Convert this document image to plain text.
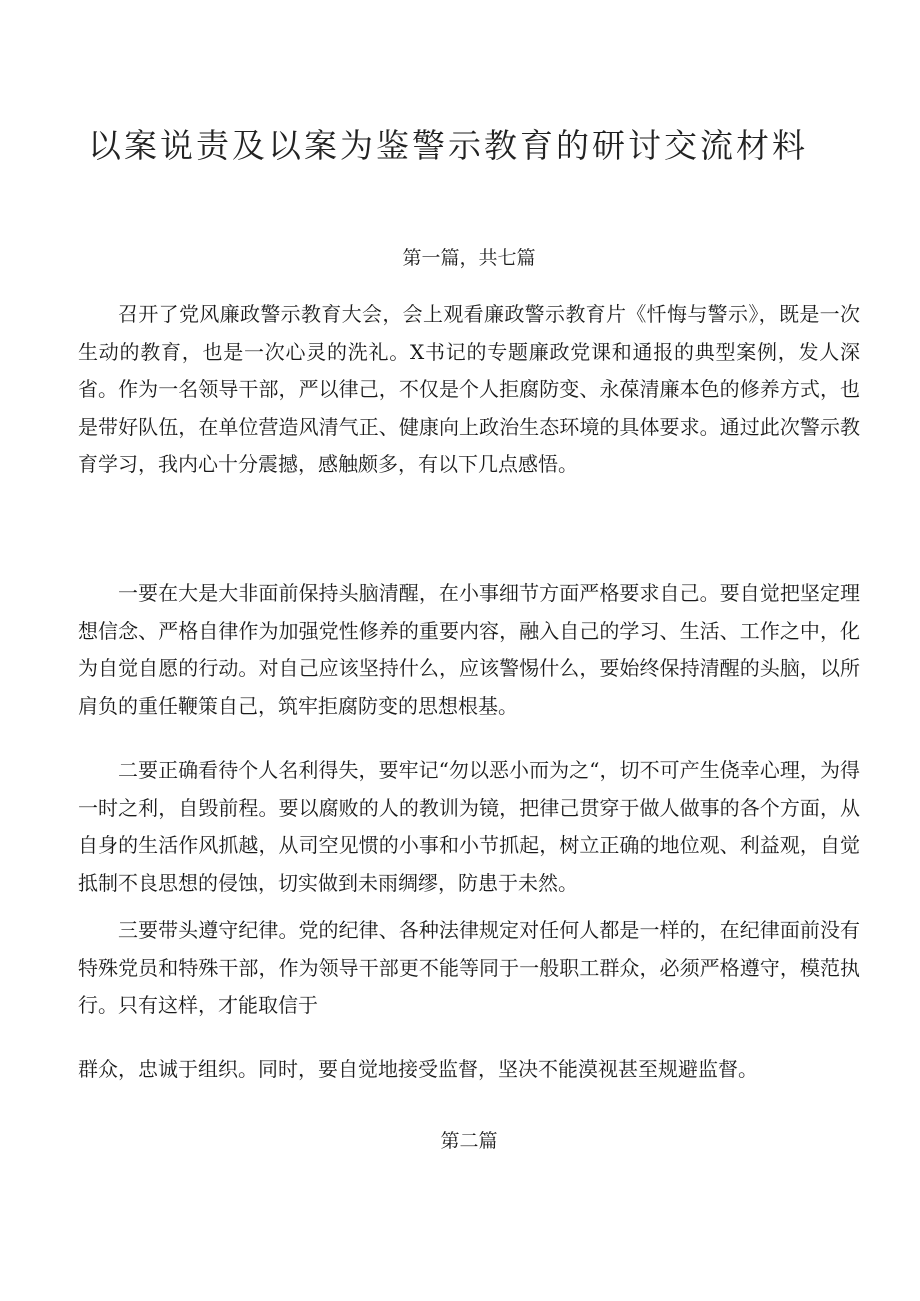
以案说责及以案为鉴警示教育的研讨交流材料
第一篇，共七篇

召开了党风廉政警示教育大会，会上观看廉政警示教育片《忏悔与警示》，既是一次生动的教育，也是一次心灵的洗礼。X书记的专题廉政党课和通报的典型案例，发人深省。作为一名领导干部，严以律己，不仅是个人拒腐防变、永葆清廉本色的修养方式，也是带好队伍，在单位营造风清气正、健康向上政治生态环境的具体要求。通过此次警示教育学习，我内心十分震撼，感触颇多，有以下几点感悟。

一要在大是大非面前保持头脑清醒，在小事细节方面严格要求自己。要自觉把坚定理想信念、严格自律作为加强党性修养的重要内容，融入自己的学习、生活、工作之中，化为自觉自愿的行动。对自己应该坚持什么，应该警惕什么，要始终保持清醒的头脑，以所肩负的重任鞭策自己，筑牢拒腐防变的思想根基。

二要正确看待个人名利得失，要牢记“勿以恶小而为之“，切不可产生侥幸心理，为得一时之利，自毁前程。要以腐败的人的教训为镜，把律己贯穿于做人做事的各个方面，从自身的生活作风抓越，从司空见惯的小事和小节抓起，树立正确的地位观、利益观，自觉抵制不良思想的侵蚀，切实做到未雨绸缪，防患于未然。

三要带头遵守纪律。党的纪律、各种法律规定对任何人都是一样的，在纪律面前没有特殊党员和特殊干部，作为领导干部更不能等同于一般职工群众，必须严格遵守，模范执行。只有这样，才能取信于

群众，忠诚于组织。同时，要自觉地接受监督，坚决不能漠视甚至规避监督。

第二篇
